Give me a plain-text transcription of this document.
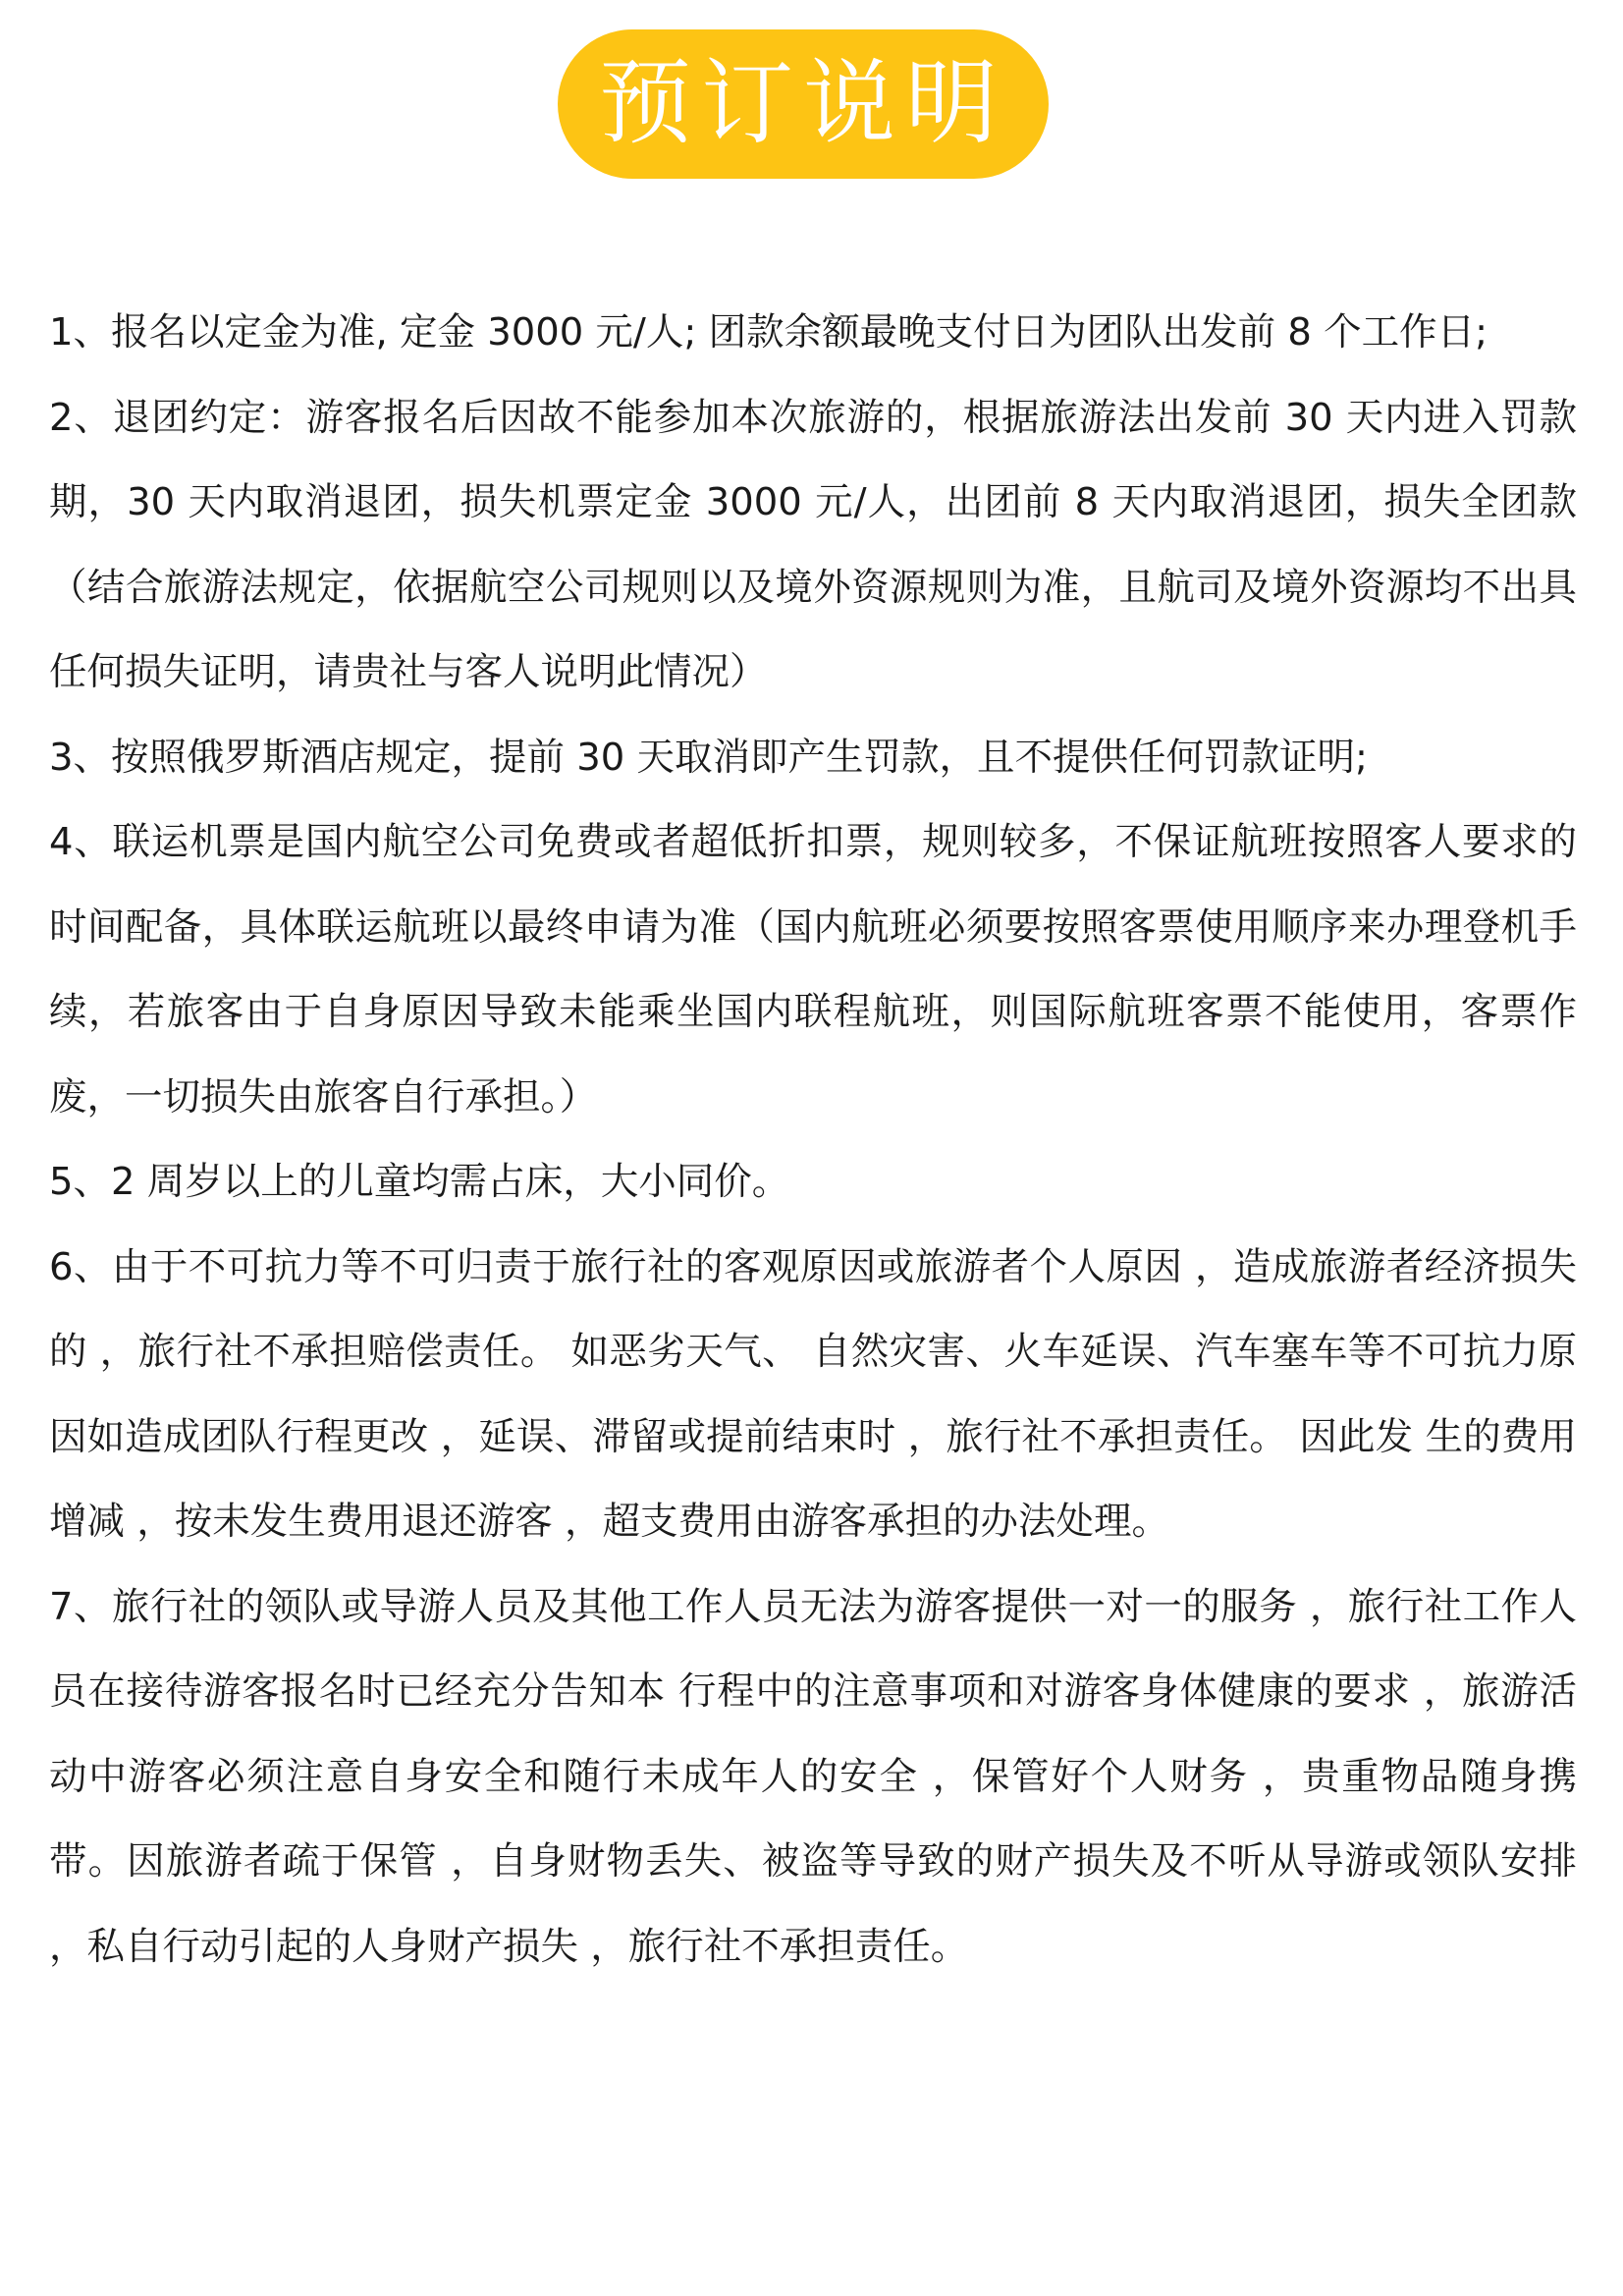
预订说明

1、报名以定金为准, 定金 3000 元/人; 团款余额最晚支付日为团队出发前 8 个工作日;

2、退团约定：游客报名后因故不能参加本次旅游的，根据旅游法出发前 30 天内进入罚款期，30 天内取消退团，损失机票定金 3000 元/人，出团前 8 天内取消退团，损失全团款（结合旅游法规定，依据航空公司规则以及境外资源规则为准，且航司及境外资源均不出具任何损失证明，请贵社与客人说明此情况）

3、按照俄罗斯酒店规定，提前 30 天取消即产生罚款，且不提供任何罚款证明;

4、联运机票是国内航空公司免费或者超低折扣票，规则较多，不保证航班按照客人要求的时间配备，具体联运航班以最终申请为准（国内航班必须要按照客票使用顺序来办理登机手续，若旅客由于自身原因导致未能乘坐国内联程航班，则国际航班客票不能使用，客票作废，一切损失由旅客自行承担。）

5、2 周岁以上的儿童均需占床，大小同价。

6、由于不可抗力等不可归责于旅行社的客观原因或旅游者个人原因 ，造成旅游者经济损失的 ，旅行社不承担赔偿责任。 如恶劣天气、 自然灾害、火车延误、汽车塞车等不可抗力原因如造成团队行程更改 ，延误、滞留或提前结束时 ，旅行社不承担责任。 因此发 生的费用增减 ，按未发生费用退还游客 ，超支费用由游客承担的办法处理。

7、旅行社的领队或导游人员及其他工作人员无法为游客提供一对一的服务 ，旅行社工作人员在接待游客报名时已经充分告知本 行程中的注意事项和对游客身体健康的要求 ，旅游活动中游客必须注意自身安全和随行未成年人的安全 ，保管好个人财务 ，贵重物品随身携 带。因旅游者疏于保管 ，自身财物丢失、被盗等导致的财产损失及不听从导游或领队安排 ，私自行动引起的人身财产损失 ，旅行社不承担责任。
